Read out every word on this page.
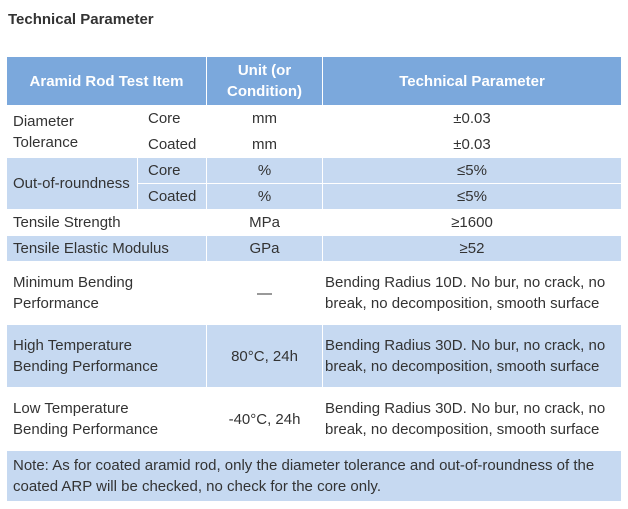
Technical Parameter
Aramid Rod Test Item		Unit (or Condition)	Technical Parameter
Diameter Tolerance	Core	mm	±0.03
	Coated	mm	±0.03
Out-of-roundness	Core	%	≤5%
	Coated	%	≤5%
Tensile Strength		MPa	≥1600
Tensile Elastic Modulus		GPa	≥52
Minimum Bending Performance		—	Bending Radius 10D. No bur, no crack, no break, no decomposition, smooth surface
High Temperature Bending Performance		80°C, 24h	Bending Radius 30D. No bur, no crack, no break, no decomposition, smooth surface
Low Temperature Bending Performance		-40°C, 24h	Bending Radius 30D. No bur, no crack, no break, no decomposition, smooth surface
Note: As for coated aramid rod, only the diameter tolerance and out-of-roundness of the coated ARP will be checked, no check for the core only.			
